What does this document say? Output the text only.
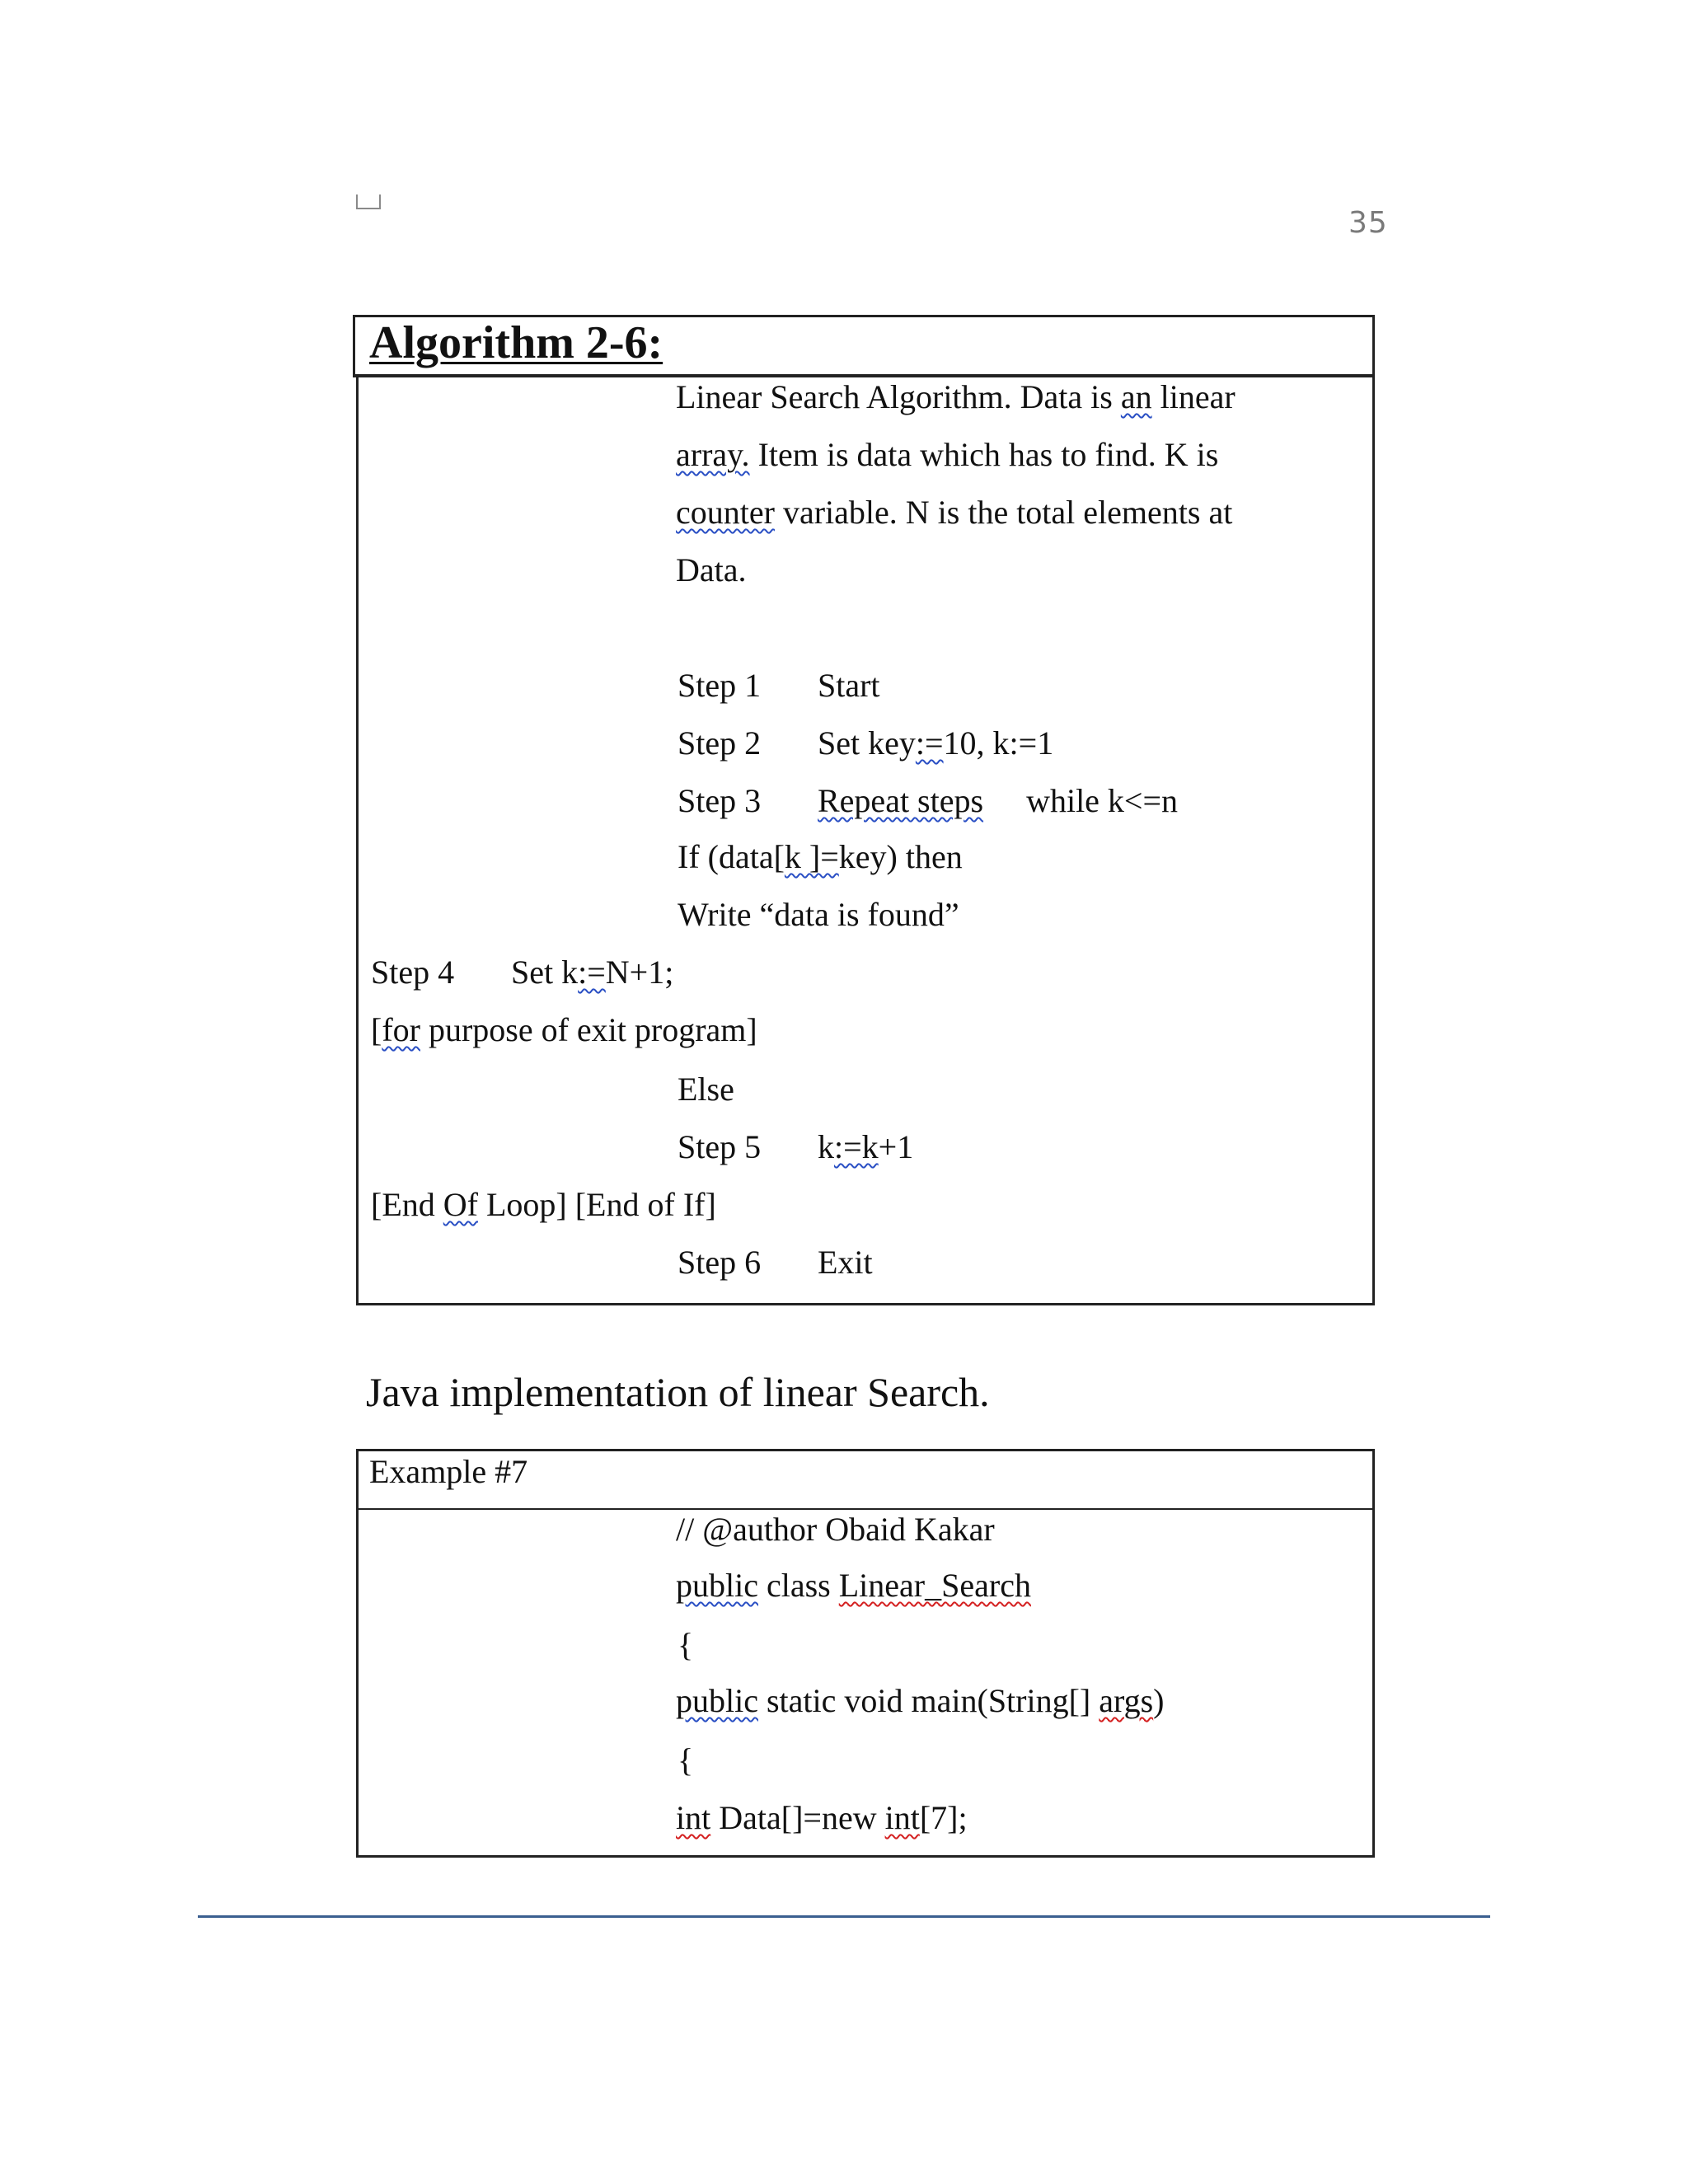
35
Algorithm 2-6:
Linear Search Algorithm. Data is an linear
array. Item is data which has to find. K is
counter variable. N is the total elements at
Data.
Step 1 Start
Step 2 Set key:=10, k:=1
Step 3 Repeat steps while k<=n
If (data[k ]=key) then
Write “data is found”
Step 4 Set k:=N+1;
[for purpose of exit program]
Else
Step 5 k:=k+1
[End Of Loop] [End of If]
Step 6 Exit
Java implementation of linear Search.
Example #7
// @author Obaid Kakar
public class Linear_Search
{
public static void main(String[] args)
{
int Data[]=new int[7];
